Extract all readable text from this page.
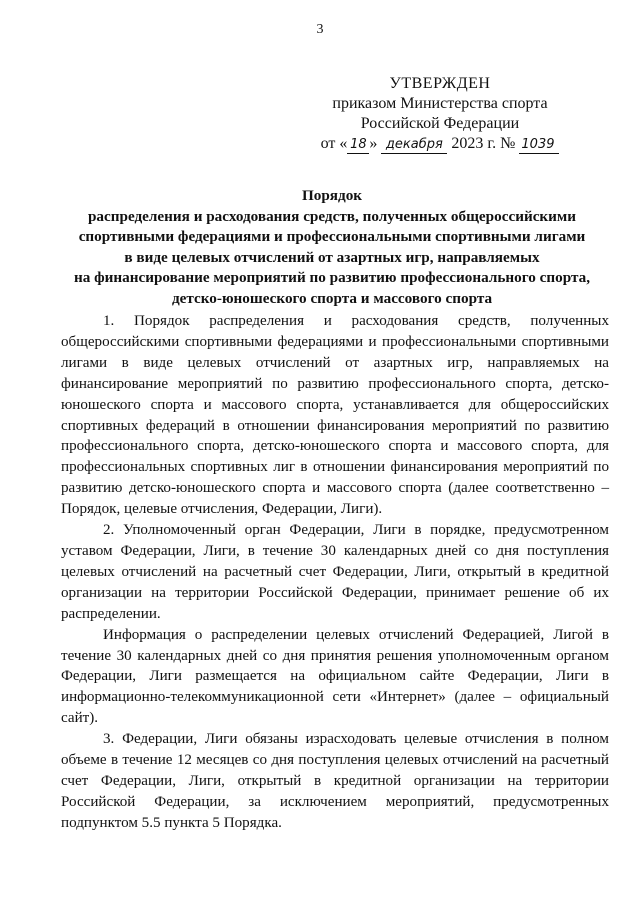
3
УТВЕРЖДЕН
приказом Министерства спорта
Российской Федерации
от « 18 » декабря 2023 г. № 1039
Порядок
распределения и расходования средств, полученных общероссийскими
спортивными федерациями и профессиональными спортивными лигами
в виде целевых отчислений от азартных игр, направляемых
на финансирование мероприятий по развитию профессионального спорта,
детско-юношеского спорта и массового спорта

1. Порядок распределения и расходования средств, полученных общероссийскими спортивными федерациями и профессиональными спортивными лигами в виде целевых отчислений от азартных игр, направляемых на финансирование мероприятий по развитию профессионального спорта, детско-юношеского спорта и массового спорта, устанавливается для общероссийских спортивных федераций в отношении финансирования мероприятий по развитию профессионального спорта, детско-юношеского спорта и массового спорта, для профессиональных спортивных лиг в отношении финансирования мероприятий по развитию детско-юношеского спорта и массового спорта (далее соответственно – Порядок, целевые отчисления, Федерации, Лиги).

2. Уполномоченный орган Федерации, Лиги в порядке, предусмотренном уставом Федерации, Лиги, в течение 30 календарных дней со дня поступления целевых отчислений на расчетный счет Федерации, Лиги, открытый в кредитной организации на территории Российской Федерации, принимает решение об их распределении.

Информация о распределении целевых отчислений Федерацией, Лигой в течение 30 календарных дней со дня принятия решения уполномоченным органом Федерации, Лиги размещается на официальном сайте Федерации, Лиги в информационно-телекоммуникационной сети «Интернет» (далее – официальный сайт).

3. Федерации, Лиги обязаны израсходовать целевые отчисления в полном объеме в течение 12 месяцев со дня поступления целевых отчислений на расчетный счет Федерации, Лиги, открытый в кредитной организации на территории Российской Федерации, за исключением мероприятий, предусмотренных подпунктом 5.5 пункта 5 Порядка.
